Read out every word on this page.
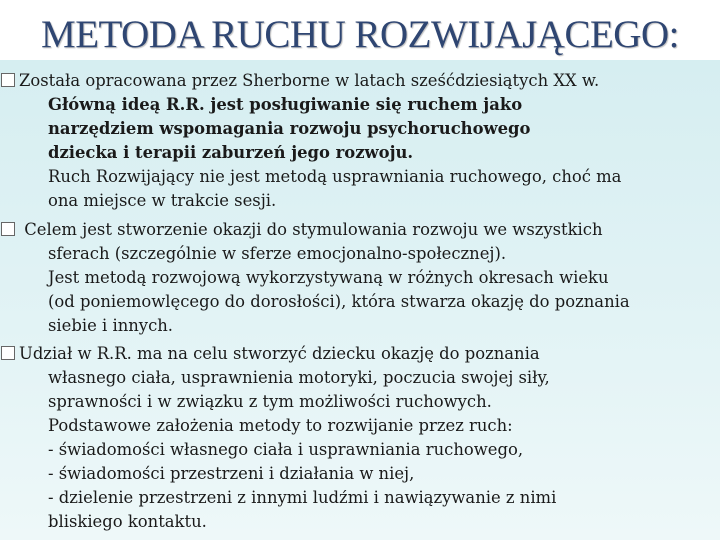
METODA RUCHU ROZWIJAJĄCEGO:
Została opracowana przez Sherborne w latach sześćdziesiątych XX w.
Główną ideą R.R. jest posługiwanie się ruchem jako
narzędziem wspomagania rozwoju psychoruchowego
dziecka i terapii zaburzeń jego rozwoju.
Ruch Rozwijający nie jest metodą usprawniania ruchowego, choć ma
ona miejsce w trakcie sesji.
Celem jest stworzenie okazji do stymulowania rozwoju we wszystkich
sferach (szczególnie w sferze emocjonalno-społecznej).
Jest metodą rozwojową wykorzystywaną w różnych okresach wieku
(od poniemowlęcego do dorosłości), która stwarza okazję do poznania
siebie i innych.
Udział w R.R. ma na celu stworzyć dziecku okazję do poznania
własnego ciała, usprawnienia motoryki, poczucia swojej siły,
sprawności i w związku z tym możliwości ruchowych.
Podstawowe założenia metody to rozwijanie przez ruch:
- świadomości własnego ciała i usprawniania ruchowego,
- świadomości przestrzeni i działania w niej,
- dzielenie przestrzeni z innymi ludźmi i nawiązywanie z nimi
bliskiego kontaktu.
